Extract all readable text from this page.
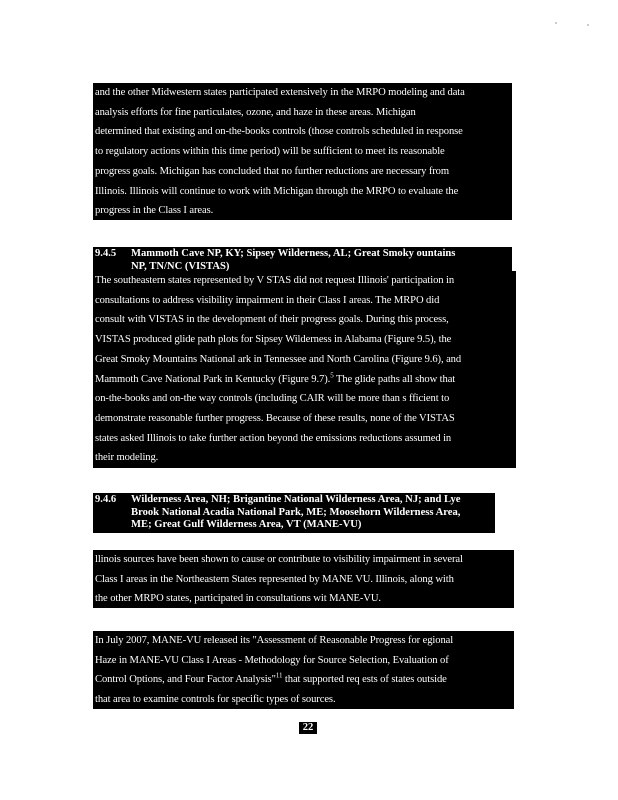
and the other Midwestern states participated extensively in the MRPO modeling and data
analysis efforts for fine particulates, ozone, and haze in these areas. Michigan
determined that existing and on-the-books controls (those controls scheduled in response
to regulatory actions within this time period) will be sufficient to meet its reasonable
progress goals. Michigan has concluded that no further reductions are necessary from
Illinois. Illinois will continue to work with Michigan through the MRPO to evaluate the
progress in the Class I areas.
9.4.5 Mammoth Cave NP, KY; Sipsey Wilderness, AL; Great Smoky ountains
NP, TN/NC (VISTAS)
The southeastern states represented by V STAS did not request Illinois' participation in
consultations to address visibility impairment in their Class I areas. The MRPO did
consult with VISTAS in the development of their progress goals. During this process,
VISTAS produced glide path plots for Sipsey Wilderness in Alabama (Figure 9.5), the
Great Smoky Mountains National ark in Tennessee and North Carolina (Figure 9.6), and
Mammoth Cave National Park in Kentucky (Figure 9.7).$^5$ The glide paths all show that
on-the-books and on-the way controls (including CAIR will be more than s fficient to
demonstrate reasonable further progress. Because of these results, none of the VISTAS
states asked Illinois to take further action beyond the emissions reductions assumed in
their modeling.
9.4.6 Wilderness Area, NH; Brigantine National Wilderness Area, NJ; and Lye
Brook National Acadia National Park, ME; Moosehorn Wilderness Area,
ME; Great Gulf Wilderness Area, VT (MANE-VU)
llinois sources have been shown to cause or contribute to visibility impairment in several
Class I areas in the Northeastern States represented by MANE VU. Illinois, along with
the other MRPO states, participated in consultations wit MANE-VU.
In July 2007, MANE-VU released its "Assessment of Reasonable Progress for egional
Haze in MANE-VU Class I Areas - Methodology for Source Selection, Evaluation of
Control Options, and Four Factor Analysis"$^{11}$ that supported req ests of states outside
that area to examine controls for specific types of sources.
22
